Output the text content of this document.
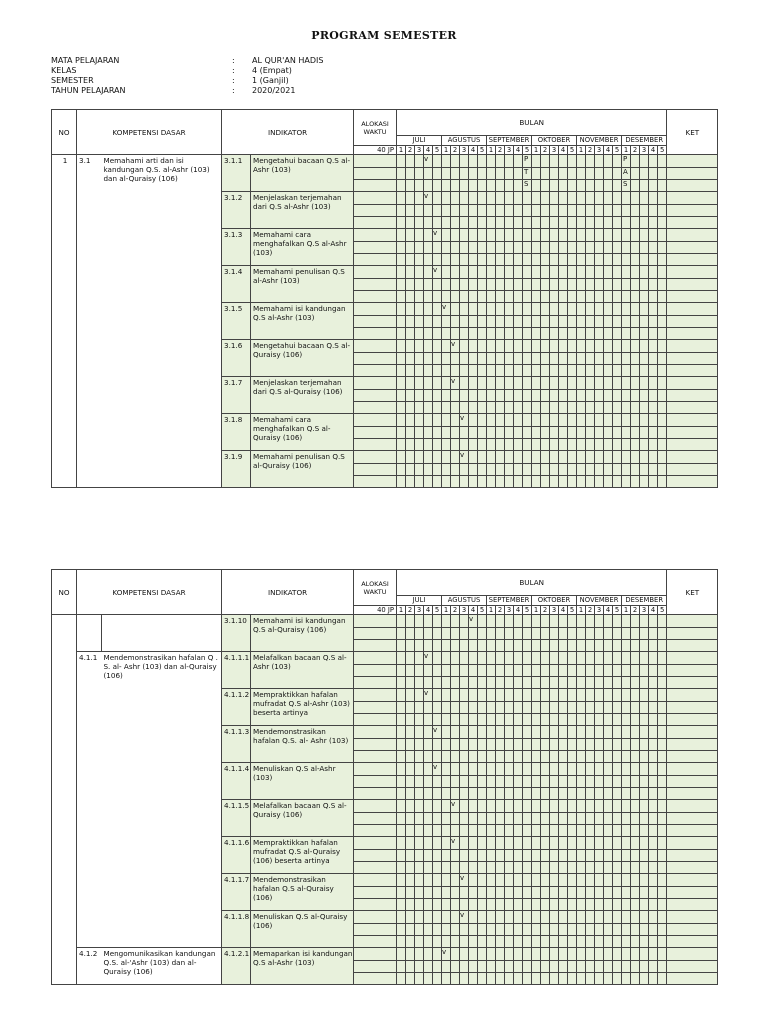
PROGRAM SEMESTER
MATA PELAJARAN	:	AL QUR'AN HADIS
KELAS	:	4 (Empat)
SEMESTER	:	1 (Ganjil)
TAHUN PELAJARAN	:	2020/2021
NO	KOMPETENSI DASAR		INDIKATOR		ALOKASI WAKTU	BULAN																														KET
						JULI					AGUSTUS					SEPTEMBER					OKTOBER					NOVEMBER					DESEMBER					
					40 JP	1	2	3	4	5	1	2	3	4	5	1	2	3	4	5	1	2	3	4	5	1	2	3	4	5	1	2	3	4	5	
1	3.1	Memahami arti dan isi kandungan Q.S. al-Ashr (103) dan al-Quraisy (106)	3.1.1	Mengetahui bacaan Q.S al-Ashr (103)					v											P											P					
																				T											A					
																				S											S					
			3.1.2	Menjelaskan terjemahan dari Q.S al-Ashr (103)					v																											

			3.1.3	Memahami cara menghafalkan Q.S al-Ashr (103)						v																										

			3.1.4	Memahami penulisan Q.S al-Ashr (103)						v																										

			3.1.5	Memahami isi kandungan Q.S al-Ashr (103)							v																									

			3.1.6	Mengetahui bacaan Q.S al-Quraisy (106)								v																								

			3.1.7	Menjelaskan terjemahan dari Q.S al-Quraisy (106)								v																								

			3.1.8	Memahami cara menghafalkan Q.S al-Quraisy (106)									v																							

			3.1.9	Memahami penulisan Q.S al-Quraisy (106)									v																							

NO	KOMPETENSI DASAR		INDIKATOR		ALOKASI WAKTU	BULAN																														KET
						JULI					AGUSTUS					SEPTEMBER					OKTOBER					NOVEMBER					DESEMBER					
					40 JP	1	2	3	4	5	1	2	3	4	5	1	2	3	4	5	1	2	3	4	5	1	2	3	4	5	1	2	3	4	5	
			3.1.10	Memahami isi kandungan Q.S al-Quraisy (106)										v																						

	4.1.1	Mendemonstrasikan hafalan Q . S. al- Ashr (103) dan al-Quraisy (106)	4.1.1.1	Melafalkan bacaan Q.S al-Ashr (103)					v																											

			4.1.1.2	Mempraktikkan hafalan mufradat Q.S al-Ashr (103) beserta artinya					v																											

			4.1.1.3	Mendemonstrasikan hafalan Q.S. al- Ashr (103)						v																										

			4.1.1.4	Menuliskan Q.S al-Ashr (103)						v																										

			4.1.1.5	Melafalkan bacaan Q.S al-Quraisy (106)								v																								

			4.1.1.6	Mempraktikkan hafalan mufradat Q.S al-Quraisy (106) beserta artinya								v																								

			4.1.1.7	Mendemonstrasikan hafalan Q.S al-Quraisy (106)									v																							

			4.1.1.8	Menuliskan Q.S al-Quraisy (106)									v																							

	4.1.2	Mengomunikasikan kandungan Q.S. al-'Ashr (103) dan al-Quraisy (106)	4.1.2.1	Memaparkan isi kandungan Q.S al-Ashr (103)							v																									
